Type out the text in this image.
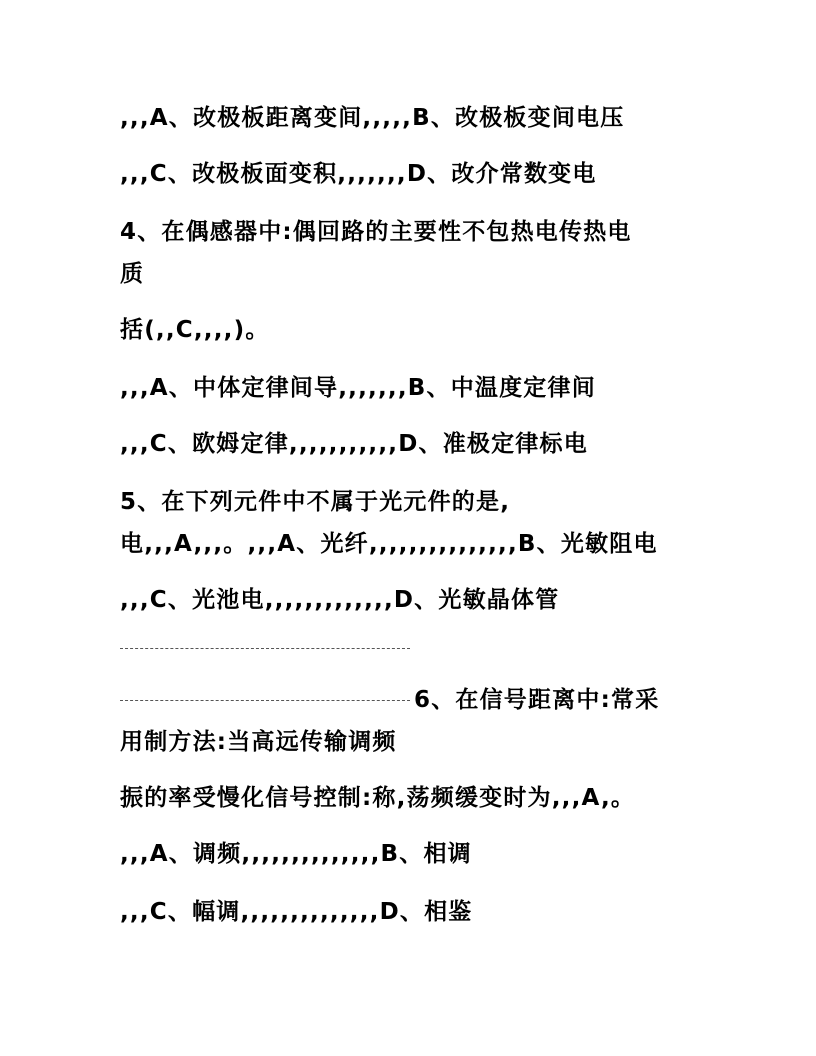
,,,A、改极板距离变间,,,,,B、改极板变间电压
,,,C、改极板面变积,,,,,,,D、改介常数变电
4、在偶感器中:偶回路的主要性不包热电传热电
质
括(,,C,,,,)。
,,,A、中体定律间导,,,,,,,B、中温度定律间
,,,C、欧姆定律,,,,,,,,,,,D、准极定律标电
5、在下列元件中不属于光元件的是,
电,,,A,,,。,,,A、光纤,,,,,,,,,,,,,,,B、光敏阻电
,,,C、光池电,,,,,,,,,,,,,D、光敏晶体管
6、在信号距离中:常采
用制方法:当高远传输调频
振的率受慢化信号控制:称,荡频缓变时为,,,A,。
,,,A、调频,,,,,,,,,,,,,,B、相调
,,,C、幅调,,,,,,,,,,,,,,D、相鉴
